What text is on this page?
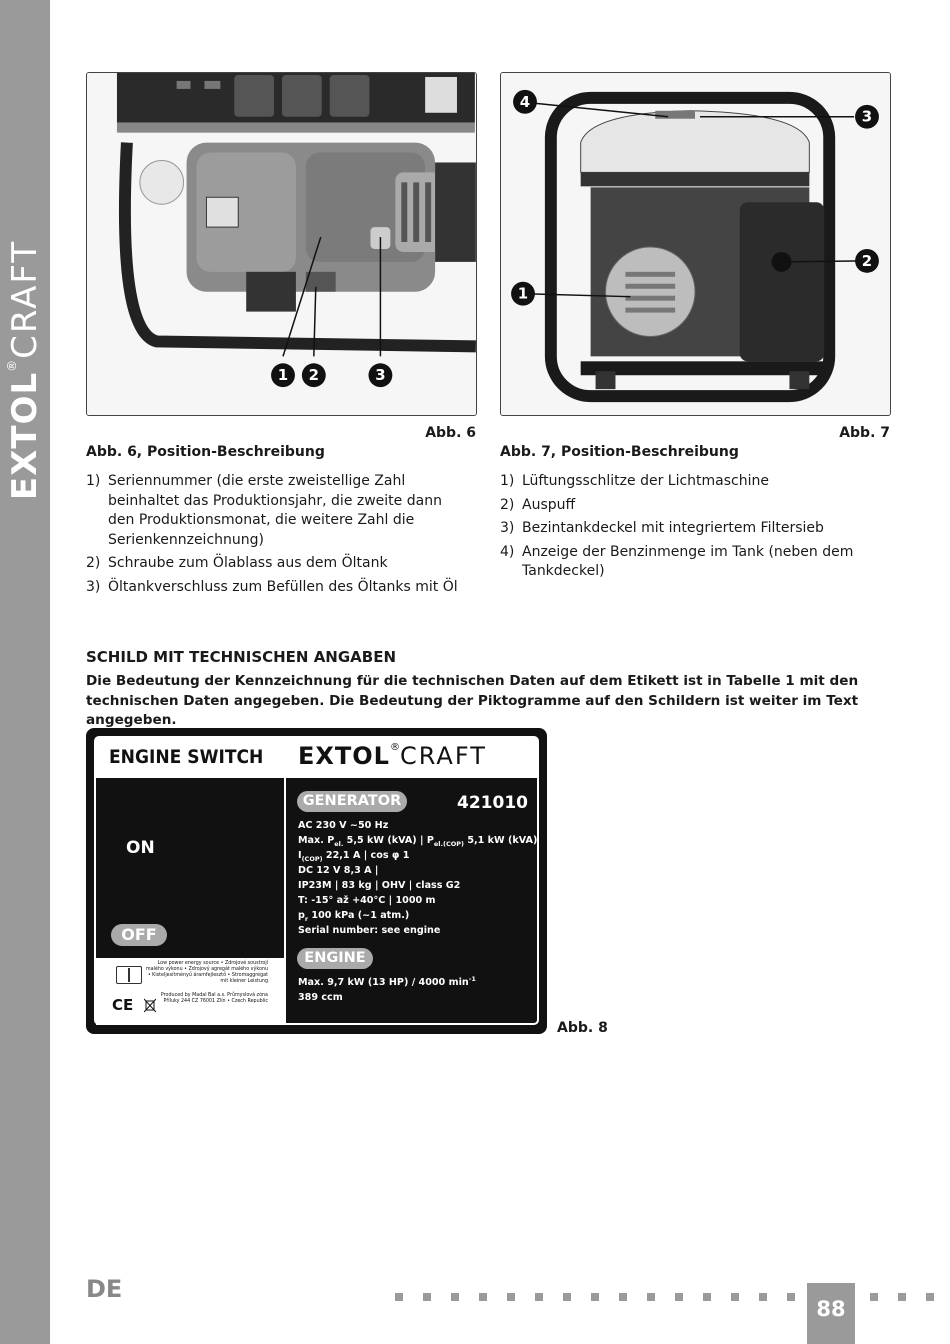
EXTOL®CRAFT
1 2	3
4
3
2
1
Abb. 6	Abb. 7
Abb. 6, Position-Beschreibung	Abb. 7, Position-Beschreibung
1) Seriennummer (die erste zweistellige Zahl beinhaltet das Produktionsjahr, die zweite dann den Produktionsmonat, die weitere Zahl die Serienkennzeichnung)
2) Schraube zum Ölablass aus dem Öltank
3) Öltankverschluss zum Befüllen des Öltanks mit Öl
1) Lüftungsschlitze der Lichtmaschine
2) Auspuff
3) Bezintankdeckel mit integriertem Filtersieb
4) Anzeige der Benzinmenge im Tank (neben dem Tankdeckel)
SCHILD MIT TECHNISCHEN ANGABEN
Die Bedeutung der Kennzeichnung für die technischen Daten auf dem Etikett ist in Tabelle 1 mit den technischen Daten angegeben. Die Bedeutung der Piktogramme auf den Schildern ist weiter im Text angegeben.
ENGINE SWITCH EXTOL®CRAFT
ON
OFF
Low power energy source • Zdrojové soustrojí malého výkonu • Zdrojový agregát malého výkonu • Kisteljesítményű áramfejlesztő • Stromaggregat mit kleiner Leistung
CE
Produced by Madal Bal a.s. Průmyslová zóna Příluky 244 CZ 76001 Zlín • Czech Republic
GENERATOR	421010
AC 230 V ~50 Hz
Max. $P_{el.}$ 5,5 kW (kVA) | $P_{el.(COP)}$ 5,1 kW (kVA)
$I_{(COP)}$ 22,1 A | cos φ 1
DC 12 V 8,3 A |
IP23M | 83 kg | OHV | class G2
T: -15° až +40°C | 1000 m
$p_r$ 100 kPa (~1 atm.)
Serial number: see engine
ENGINE
Max. 9,7 kW (13 HP) / 4000 $\min^{-1}$
389 ccm
Abb. 8
DE
88
